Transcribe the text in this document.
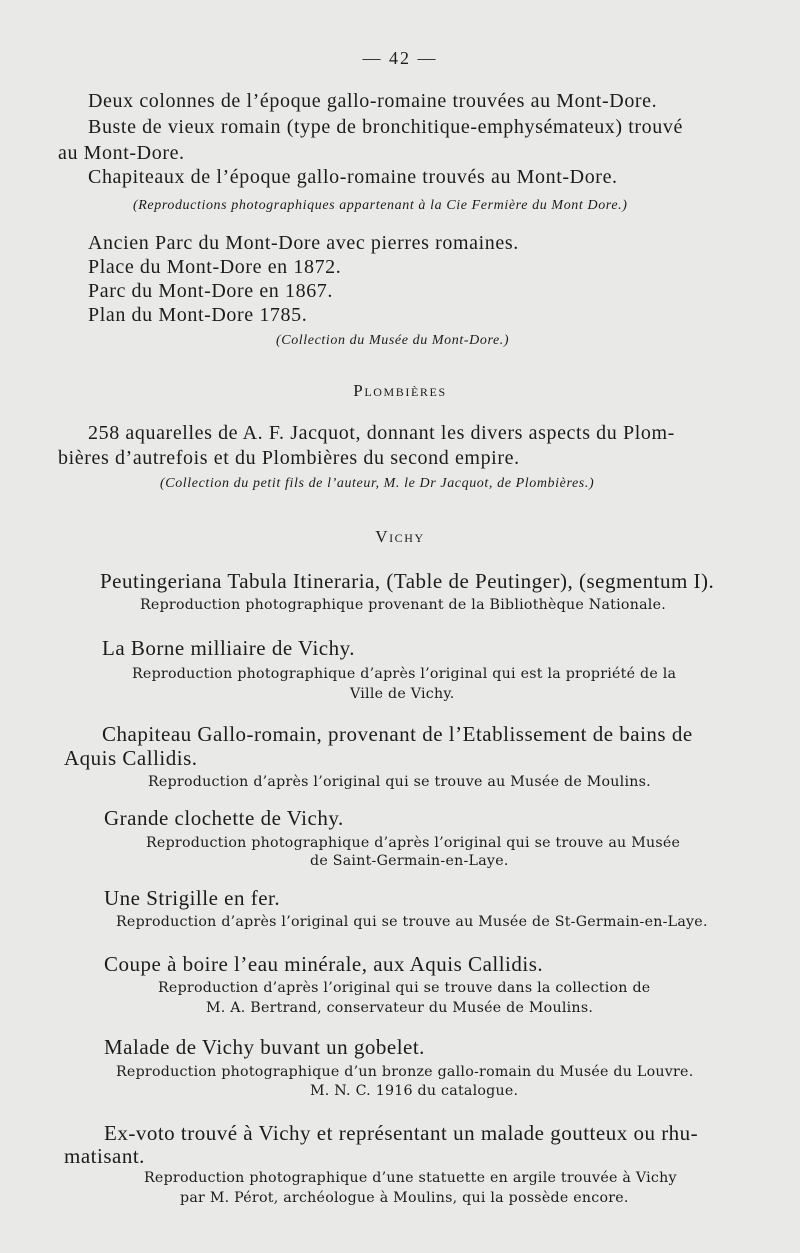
— 42 —
Deux colonnes de l’époque gallo-romaine trouvées au Mont-Dore.
Buste de vieux romain (type de bronchitique-emphysémateux) trouvé
au Mont-Dore.
Chapiteaux de l’époque gallo-romaine trouvés au Mont-Dore.
(Reproductions photographiques appartenant à la Cie Fermière du Mont Dore.)
Ancien Parc du Mont-Dore avec pierres romaines.
Place du Mont-Dore en 1872.
Parc du Mont-Dore en 1867.
Plan du Mont-Dore 1785.
(Collection du Musée du Mont-Dore.)
Plombières
258 aquarelles de A. F. Jacquot, donnant les divers aspects du Plom-
bières d’autrefois et du Plombières du second empire.
(Collection du petit fils de l’auteur, M. le Dr Jacquot, de Plombières.)
Vichy
Peutingeriana Tabula Itineraria, (Table de Peutinger), (segmentum I).
Reproduction photographique provenant de la Bibliothèque Nationale.
La Borne milliaire de Vichy.
Reproduction photographique d’après l’original qui est la propriété de la
Ville de Vichy.
Chapiteau Gallo-romain, provenant de l’Etablissement de bains de
Aquis Callidis.
Reproduction d’après l’original qui se trouve au Musée de Moulins.
Grande clochette de Vichy.
Reproduction photographique d’après l’original qui se trouve au Musée
de Saint-Germain-en-Laye.
Une Strigille en fer.
Reproduction d’après l’original qui se trouve au Musée de St-Germain-en-Laye.
Coupe à boire l’eau minérale, aux Aquis Callidis.
Reproduction d’après l’original qui se trouve dans la collection de
M. A. Bertrand, conservateur du Musée de Moulins.
Malade de Vichy buvant un gobelet.
Reproduction photographique d’un bronze gallo-romain du Musée du Louvre.
M. N. C. 1916 du catalogue.
Ex-voto trouvé à Vichy et représentant un malade goutteux ou rhu-
matisant.
Reproduction photographique d’une statuette en argile trouvée à Vichy
par M. Pérot, archéologue à Moulins, qui la possède encore.
